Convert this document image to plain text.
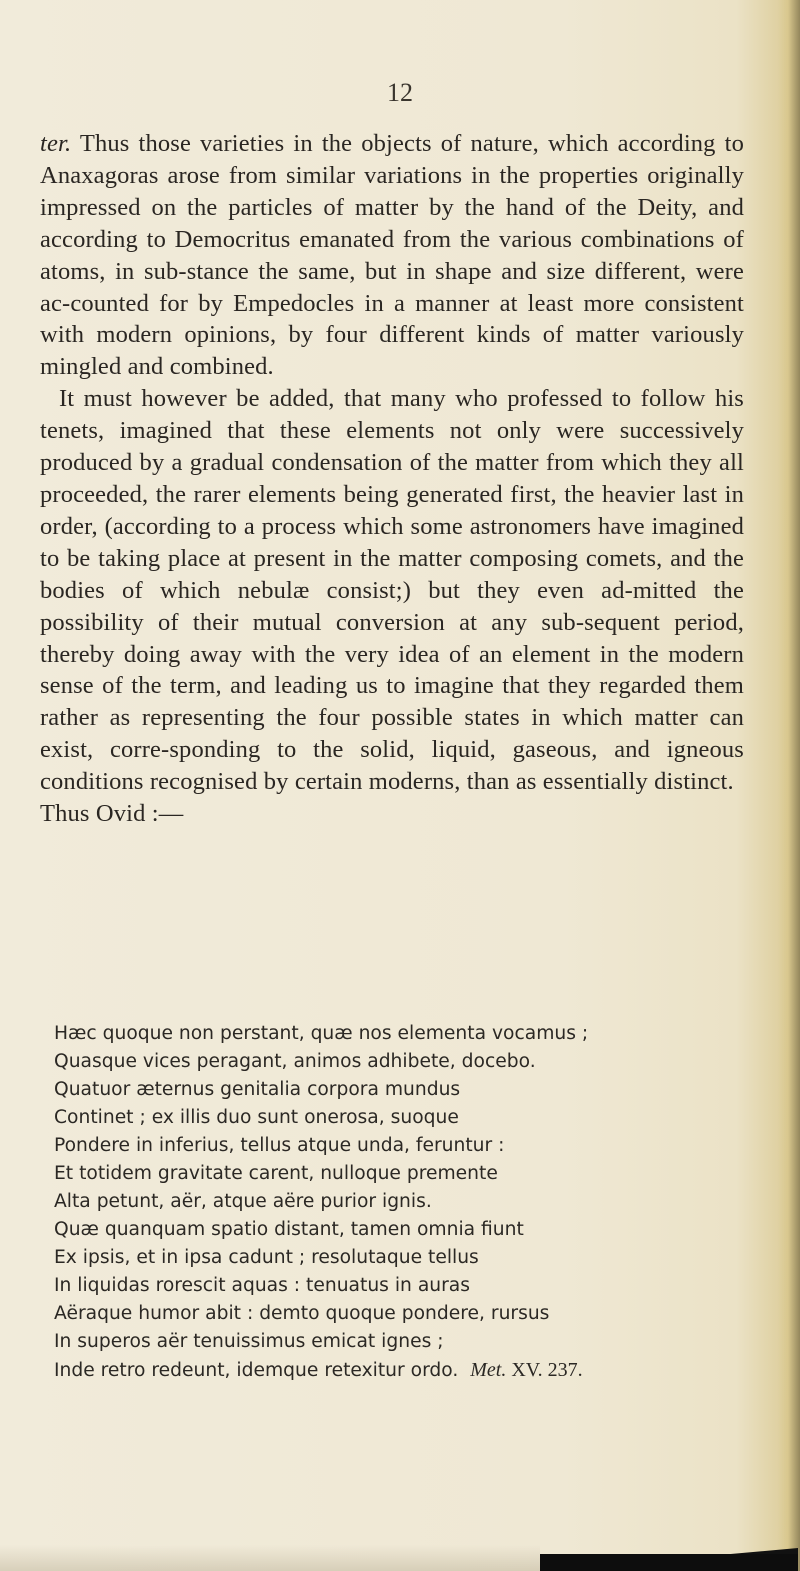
12

ter. Thus those varieties in the objects of nature, which according to Anaxagoras arose from similar variations in the properties originally impressed on the particles of matter by the hand of the Deity, and according to Democritus emanated from the various combinations of atoms, in sub-stance the same, but in shape and size different, were ac-counted for by Empedocles in a manner at least more consistent with modern opinions, by four different kinds of matter variously mingled and combined.

It must however be added, that many who professed to follow his tenets, imagined that these elements not only were successively produced by a gradual condensation of the matter from which they all proceeded, the rarer elements being generated first, the heavier last in order, (according to a process which some astronomers have imagined to be taking place at present in the matter composing comets, and the bodies of which nebulæ consist;) but they even ad-mitted the possibility of their mutual conversion at any sub-sequent period, thereby doing away with the very idea of an element in the modern sense of the term, and leading us to imagine that they regarded them rather as representing the four possible states in which matter can exist, corre-sponding to the solid, liquid, gaseous, and igneous conditions recognised by certain moderns, than as essentially distinct.

Thus Ovid :—

Hæc quoque non perstant, quæ nos elementa vocamus ;
Quasque vices peragant, animos adhibete, docebo.
Quatuor æternus genitalia corpora mundus
Continet ; ex illis duo sunt onerosa, suoque
Pondere in inferius, tellus atque unda, feruntur :
Et totidem gravitate carent, nulloque premente
Alta petunt, aër, atque aëre purior ignis.
Quæ quanquam spatio distant, tamen omnia fiunt
Ex ipsis, et in ipsa cadunt ; resolutaque tellus
In liquidas rorescit aquas : tenuatus in auras
Aëraque humor abit : demto quoque pondere, rursus
In superos aër tenuissimus emicat ignes ;
Inde retro redeunt, idemque retexitur ordo. Met. XV. 237.
